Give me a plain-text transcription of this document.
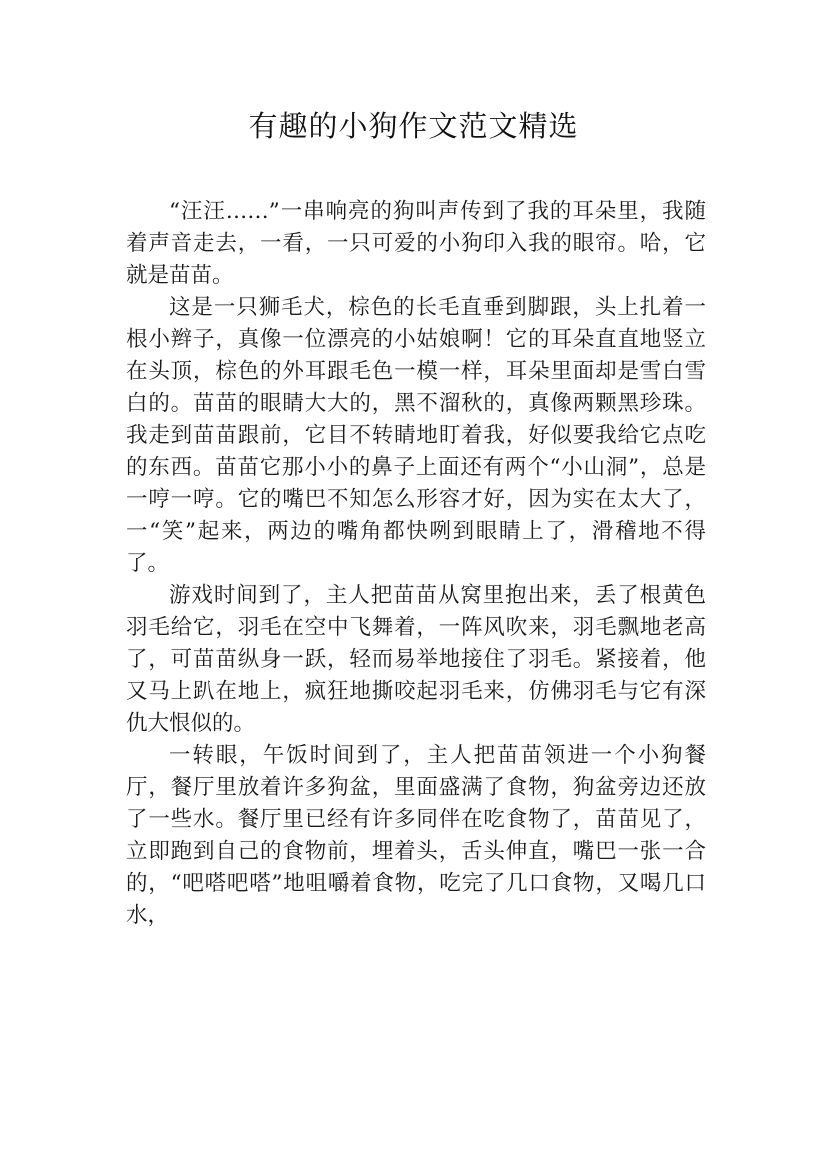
有趣的小狗作文范文精选

“汪汪……”一串响亮的狗叫声传到了我的耳朵里，我随着声音走去，一看，一只可爱的小狗印入我的眼帘。哈，它就是苗苗。

这是一只狮毛犬，棕色的长毛直垂到脚跟，头上扎着一根小辫子，真像一位漂亮的小姑娘啊！它的耳朵直直地竖立在头顶，棕色的外耳跟毛色一模一样，耳朵里面却是雪白雪白的。苗苗的眼睛大大的，黑不溜秋的，真像两颗黑珍珠。我走到苗苗跟前，它目不转睛地盯着我，好似要我给它点吃的东西。苗苗它那小小的鼻子上面还有两个“小山洞”，总是一哼一哼。它的嘴巴不知怎么形容才好，因为实在太大了，一“笑”起来，两边的嘴角都快咧到眼睛上了，滑稽地不得了。

游戏时间到了，主人把苗苗从窝里抱出来，丢了根黄色羽毛给它，羽毛在空中飞舞着，一阵风吹来，羽毛飘地老高了，可苗苗纵身一跃，轻而易举地接住了羽毛。紧接着，他又马上趴在地上，疯狂地撕咬起羽毛来，仿佛羽毛与它有深仇大恨似的。

一转眼，午饭时间到了，主人把苗苗领进一个小狗餐厅，餐厅里放着许多狗盆，里面盛满了食物，狗盆旁边还放了一些水。餐厅里已经有许多同伴在吃食物了，苗苗见了，立即跑到自己的食物前，埋着头，舌头伸直，嘴巴一张一合的，“吧嗒吧嗒”地咀嚼着食物，吃完了几口食物，又喝几口水，
